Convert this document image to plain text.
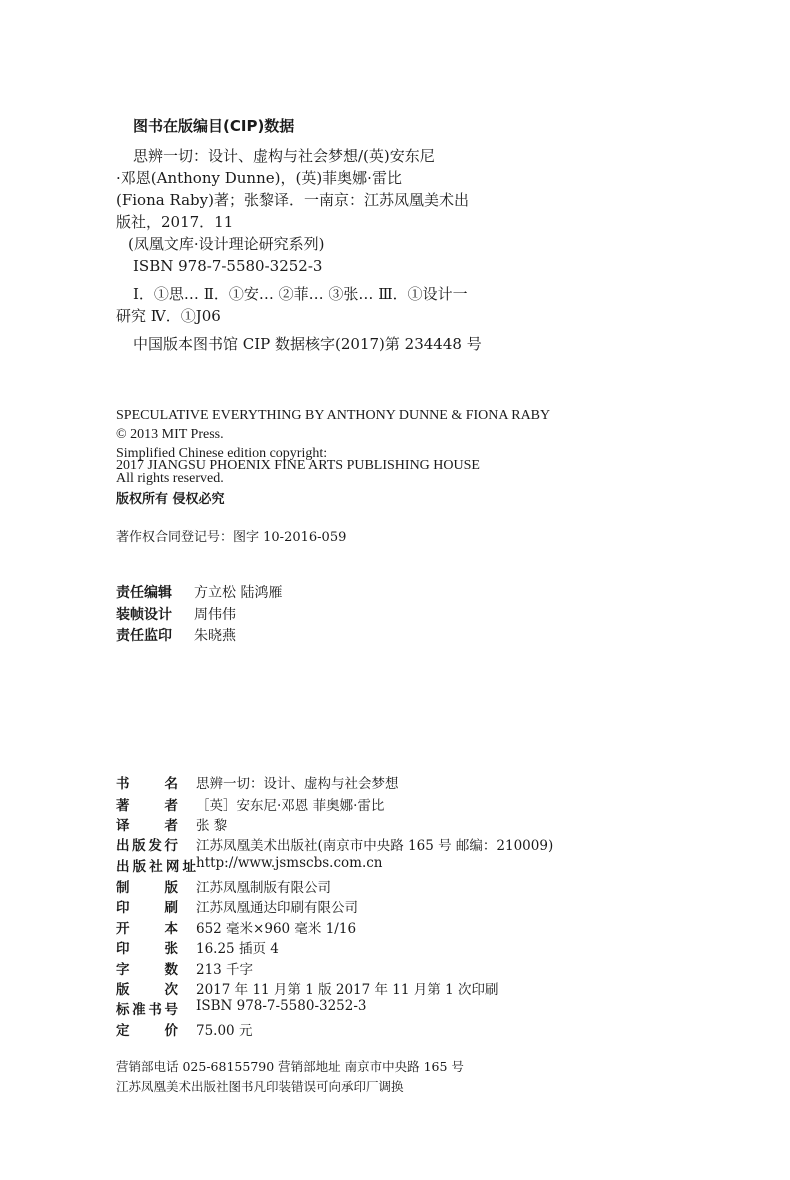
图书在版编目(CIP)数据
思辨一切：设计、虚构与社会梦想/(英)安东尼
·邓恩(Anthony Dunne)，(英)菲奥娜·雷比
(Fiona Raby)著；张黎译．一南京：江苏凤凰美术出
版社，2017．11
(凤凰文库·设计理论研究系列)
ISBN 978-7-5580-3252-3
Ⅰ．①思… Ⅱ．①安… ②菲… ③张… Ⅲ．①设计一
研究 Ⅳ．①J06
中国版本图书馆 CIP 数据核字(2017)第 234448 号
SPECULATIVE EVERYTHING BY ANTHONY DUNNE & FIONA RABY
© 2013 MIT Press.
Simplified Chinese edition copyright:
2017 JIANGSU PHOENIX FINE ARTS PUBLISHING HOUSE
All rights reserved.
版权所有 侵权必究
著作权合同登记号：图字 10-2016-059
责任编辑 方立松 陆鸿雁
装帧设计 周伟伟
责任监印 朱晓燕
书名 思辨一切：设计、虚构与社会梦想
著者 ［英］安东尼·邓恩 菲奥娜·雷比
译者 张 黎
出版发行 江苏凤凰美术出版社(南京市中央路 165 号 邮编：210009)
出版社网址http://www.jsmscbs.com.cn
制版 江苏凤凰制版有限公司
印刷 江苏凤凰通达印刷有限公司
开本 652 毫米×960 毫米 1/16
印张 16.25 插页 4
字数 213 千字
版次 2017 年 11 月第 1 版 2017 年 11 月第 1 次印刷
标准书号 ISBN 978-7-5580-3252-3
定价 75.00 元
营销部电话 025-68155790 营销部地址 南京市中央路 165 号
江苏凤凰美术出版社图书凡印装错误可向承印厂调换
